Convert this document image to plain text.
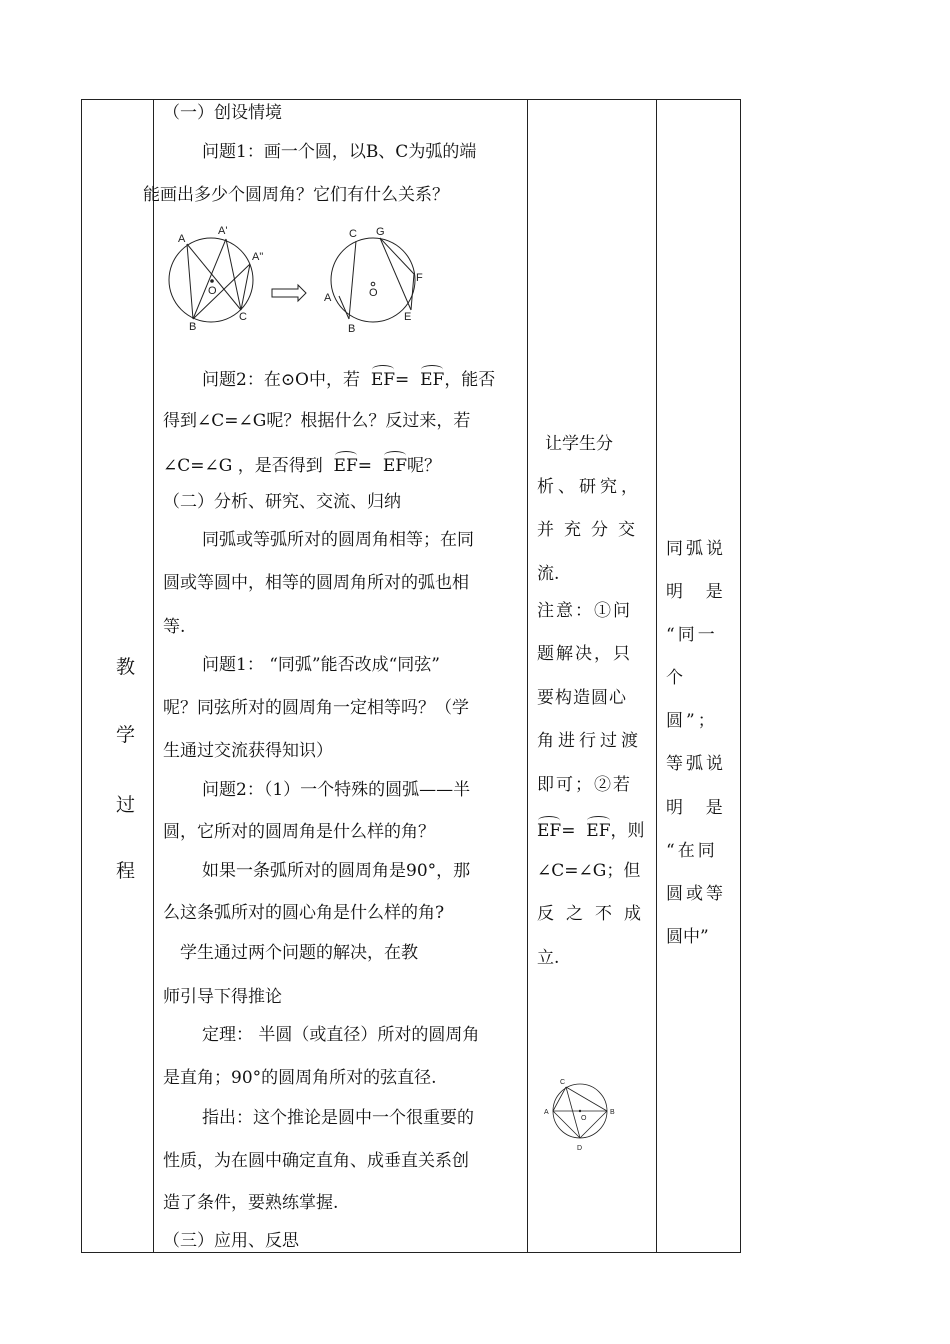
教
学
过
程
（一）创设情境
问题1：画一个圆，以B、C为弧的端
能画出多少个圆周角？它们有什么关系？
A
A'
A"
O
B
C
C G
F
A	O
E
B
问题2：在⊙O中，若 EF= EF，能否
得到∠C=∠G呢？根据什么？反过来，若
∠C=∠G ，是否得到 EF= EF呢？
（二）分析、研究、交流、归纳
同弧或等弧所对的圆周角相等；在同
圆或等圆中，相等的圆周角所对的弧也相
等.
问题1： “同弧”能否改成“同弦”
呢？同弦所对的圆周角一定相等吗？（学
生通过交流获得知识）
问题2：（1）一个特殊的圆弧——半
圆，它所对的圆周角是什么样的角？
如果一条弧所对的圆周角是90°，那
么这条弧所对的圆心角是什么样的角?
学生通过两个问题的解决，在教
师引导下得推论
定理： 半圆（或直径）所对的圆周角
是直角；90°的圆周角所对的弦直径.
指出：这个推论是圆中一个很重要的
性质，为在圆中确定直角、成垂直关系创
造了条件，要熟练掌握.
（三）应用、反思
让学生分
析、研究，
并充分交
流.
注意：①问
题解决，只
要构造圆心
角进行过渡
即可；②若
EF= EF，则
∠C=∠G；但
反之不成
立.
C
A
O
B
D
同弧说
明  是
“同一
个
圆”；
等弧说
明  是
“在同
圆或等
圆中”
